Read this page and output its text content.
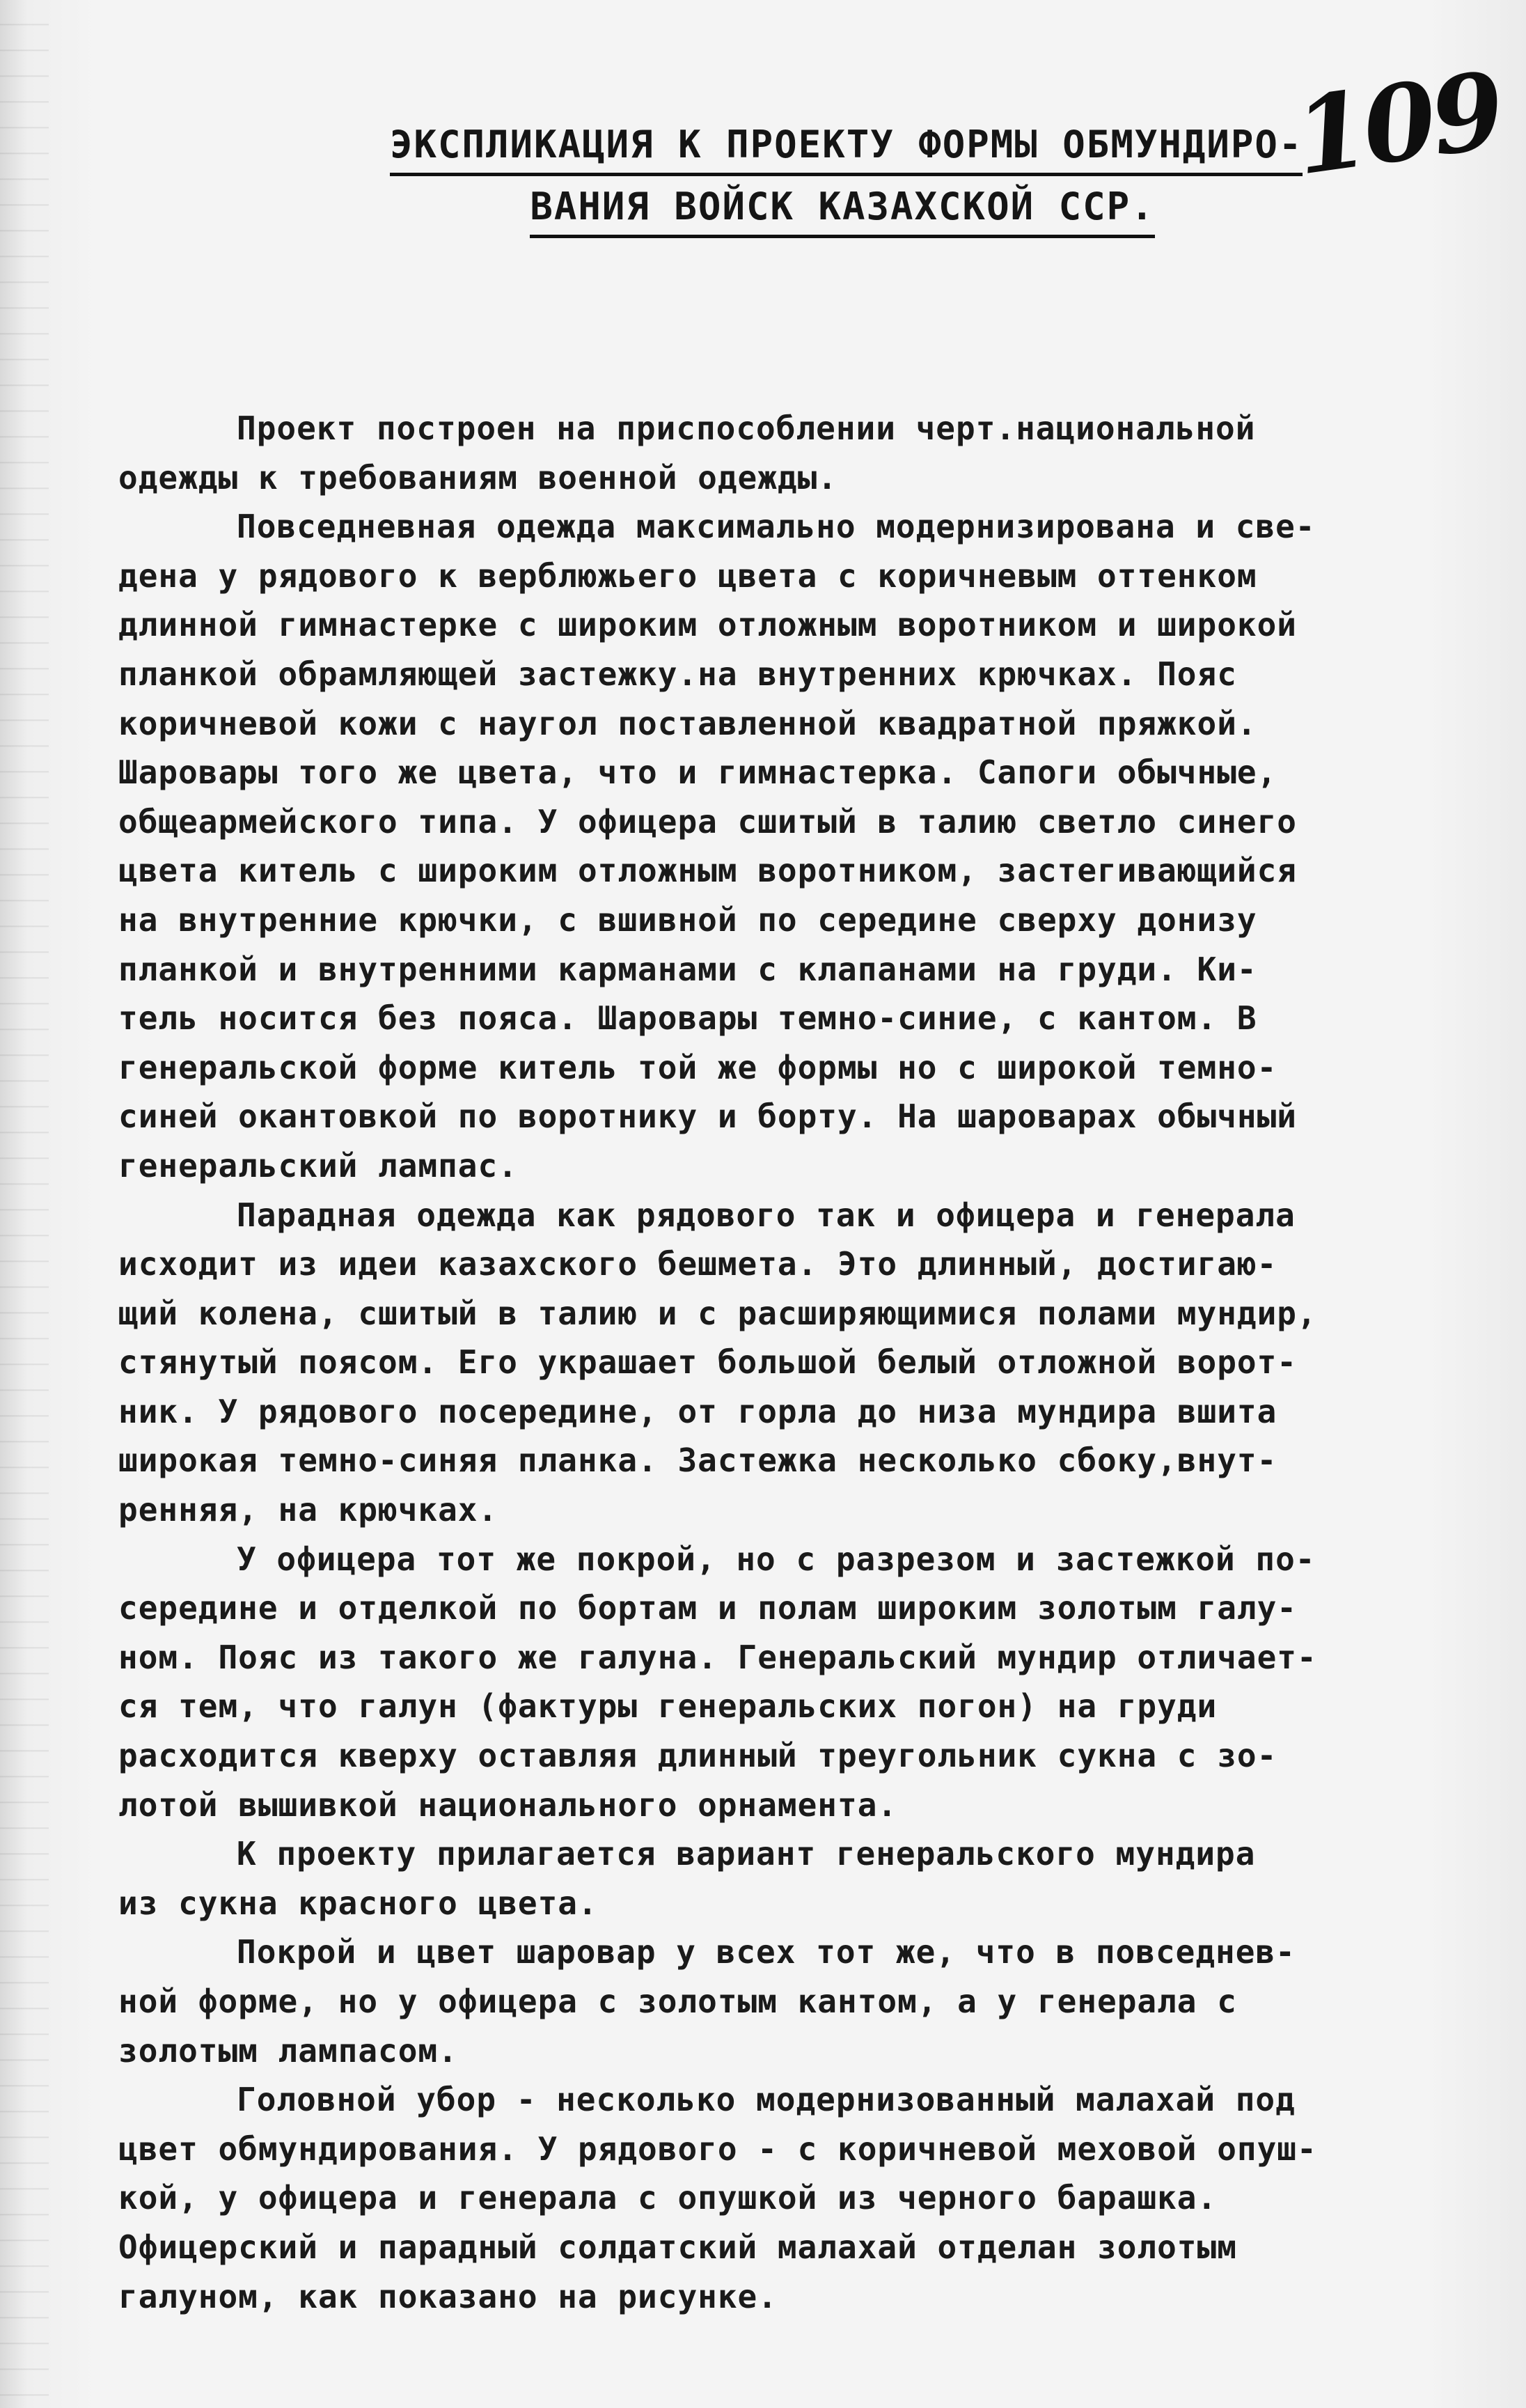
109
ЭКСПЛИКАЦИЯ К ПРОЕКТУ ФОРМЫ ОБМУНДИРО-
ВАНИЯ ВОЙСК КАЗАХСКОЙ ССР.
Проект построен на приспособлении черт.национальной
одежды к требованиям военной одежды.
Повседневная одежда максимально модернизирована и све-
дена у рядового к верблюжьего цвета с коричневым оттенком
длинной гимнастерке с широким отложным воротником и широкой
планкой обрамляющей застежку.на внутренних крючках. Пояс
коричневой кожи с наугол поставленной квадратной пряжкой.
Шаровары того же цвета, что и гимнастерка. Сапоги обычные,
общеармейского типа. У офицера сшитый в талию светло синего
цвета китель с широким отложным воротником, застегивающийся
на внутренние крючки, с вшивной по середине сверху донизу
планкой и внутренними карманами с клапанами на груди. Ки-
тель носится без пояса. Шаровары темно-синие, с кантом. В
генеральской форме китель той же формы но с широкой темно-
синей окантовкой по воротнику и борту. На шароварах обычный
генеральский лампас.
Парадная одежда как рядового так и офицера и генерала
исходит из идеи казахского бешмета. Это длинный, достигаю-
щий колена, сшитый в талию и с расширяющимися полами мундир,
стянутый поясом. Его украшает большой белый отложной ворот-
ник. У рядового посередине, от горла до низа мундира вшита
широкая темно-синяя планка. Застежка несколько сбоку,внут-
ренняя, на крючках.
У офицера тот же покрой, но с разрезом и застежкой по-
середине и отделкой по бортам и полам широким золотым галу-
ном. Пояс из такого же галуна. Генеральский мундир отличает-
ся тем, что галун (фактуры генеральских погон) на груди
расходится кверху оставляя длинный треугольник сукна с зо-
лотой вышивкой национального орнамента.
К проекту прилагается вариант генеральского мундира
из сукна красного цвета.
Покрой и цвет шаровар у всех тот же, что в повседнев-
ной форме, но у офицера с золотым кантом, а у генерала с
золотым лампасом.
Головной убор - несколько модернизованный малахай под
цвет обмундирования. У рядового - с коричневой меховой опуш-
кой, у офицера и генерала с опушкой из черного барашка.
Офицерский и парадный солдатский малахай отделан золотым
галуном, как показано на рисунке.
